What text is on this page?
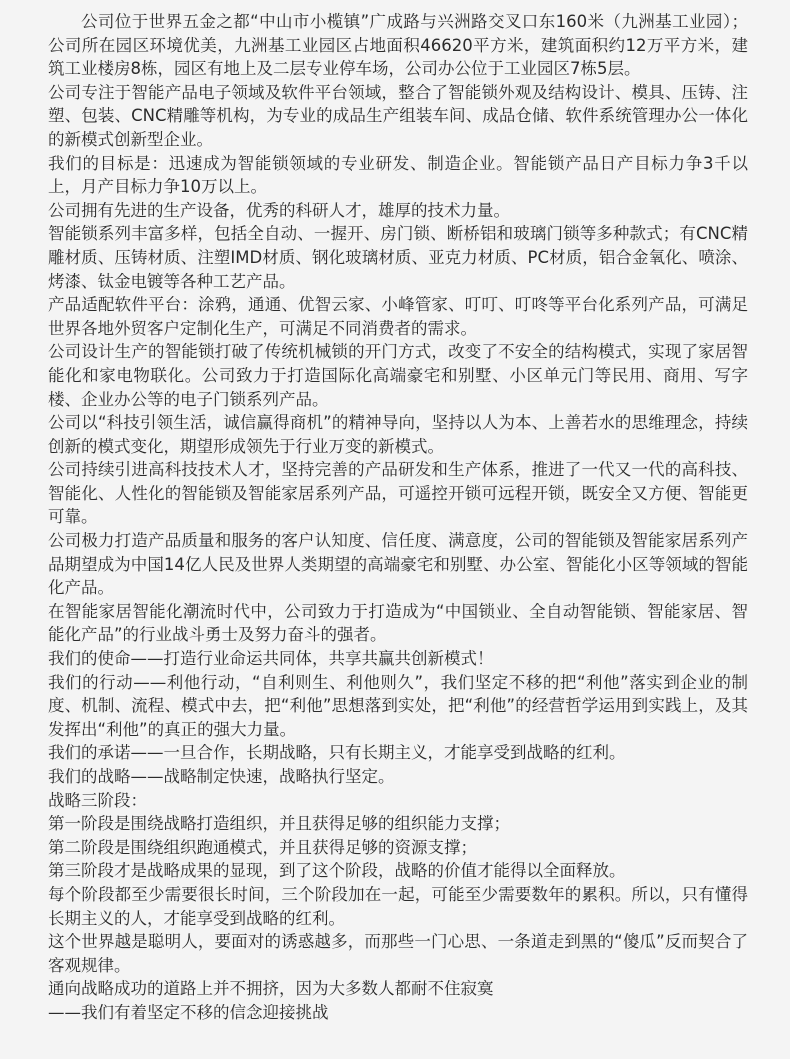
公司位于世界五金之都“中山市小榄镇”广成路与兴洲路交叉口东160米（九洲基工业园）；公司所在园区环境优美，九洲基工业园区占地面积46620平方米，建筑面积约12万平方米，建筑工业楼房8栋，园区有地上及二层专业停车场，公司办公位于工业园区7栋5层。

公司专注于智能产品电子领域及软件平台领域，整合了智能锁外观及结构设计、模具、压铸、注塑、包装、CNC精雕等机构，为专业的成品生产组装车间、成品仓储、软件系统管理办公一体化的新模式创新型企业。

我们的目标是：迅速成为智能锁领域的专业研发、制造企业。智能锁产品日产目标力争3千以上，月产目标力争10万以上。

公司拥有先进的生产设备，优秀的科研人才，雄厚的技术力量。

智能锁系列丰富多样，包括全自动、一握开、房门锁、断桥铝和玻璃门锁等多种款式；有CNC精雕材质、压铸材质、注塑IMD材质、钢化玻璃材质、亚克力材质、PC材质，铝合金氧化、喷涂、烤漆、钛金电镀等各种工艺产品。

产品适配软件平台：涂鸦，通通、优智云家、小峰管家、叮叮、叮咚等平台化系列产品，可满足世界各地外贸客户定制化生产，可满足不同消费者的需求。

公司设计生产的智能锁打破了传统机械锁的开门方式，改变了不安全的结构模式，实现了家居智能化和家电物联化。公司致力于打造国际化高端豪宅和别墅、小区单元门等民用、商用、写字楼、企业办公等的电子门锁系列产品。

公司以“科技引领生活，诚信赢得商机”的精神导向，坚持以人为本、上善若水的思维理念，持续创新的模式变化，期望形成领先于行业万变的新模式。

公司持续引进高科技技术人才，坚持完善的产品研发和生产体系，推进了一代又一代的高科技、智能化、人性化的智能锁及智能家居系列产品，可遥控开锁可远程开锁，既安全又方便、智能更可靠。

公司极力打造产品质量和服务的客户认知度、信任度、满意度，公司的智能锁及智能家居系列产品期望成为中国14亿人民及世界人类期望的高端豪宅和别墅、办公室、智能化小区等领域的智能化产品。

在智能家居智能化潮流时代中，公司致力于打造成为“中国锁业、全自动智能锁、智能家居、智能化产品”的行业战斗勇士及努力奋斗的强者。

我们的使命——打造行业命运共同体，共享共赢共创新模式！

我们的行动——利他行动，“自利则生、利他则久”，我们坚定不移的把“利他”落实到企业的制度、机制、流程、模式中去，把“利他”思想落到实处，把“利他”的经营哲学运用到实践上，及其发挥出“利他”的真正的强大力量。

我们的承诺——一旦合作，长期战略，只有长期主义，才能享受到战略的红利。

我们的战略——战略制定快速，战略执行坚定。

战略三阶段：

第一阶段是围绕战略打造组织，并且获得足够的组织能力支撑；

第二阶段是围绕组织跑通模式，并且获得足够的资源支撑；

第三阶段才是战略成果的显现，到了这个阶段，战略的价值才能得以全面释放。

每个阶段都至少需要很长时间，三个阶段加在一起，可能至少需要数年的累积。所以，只有懂得长期主义的人，才能享受到战略的红利。

这个世界越是聪明人，要面对的诱惑越多，而那些一门心思、一条道走到黑的“傻瓜”反而契合了客观规律。

通向战略成功的道路上并不拥挤，因为大多数人都耐不住寂寞

——我们有着坚定不移的信念迎接挑战
